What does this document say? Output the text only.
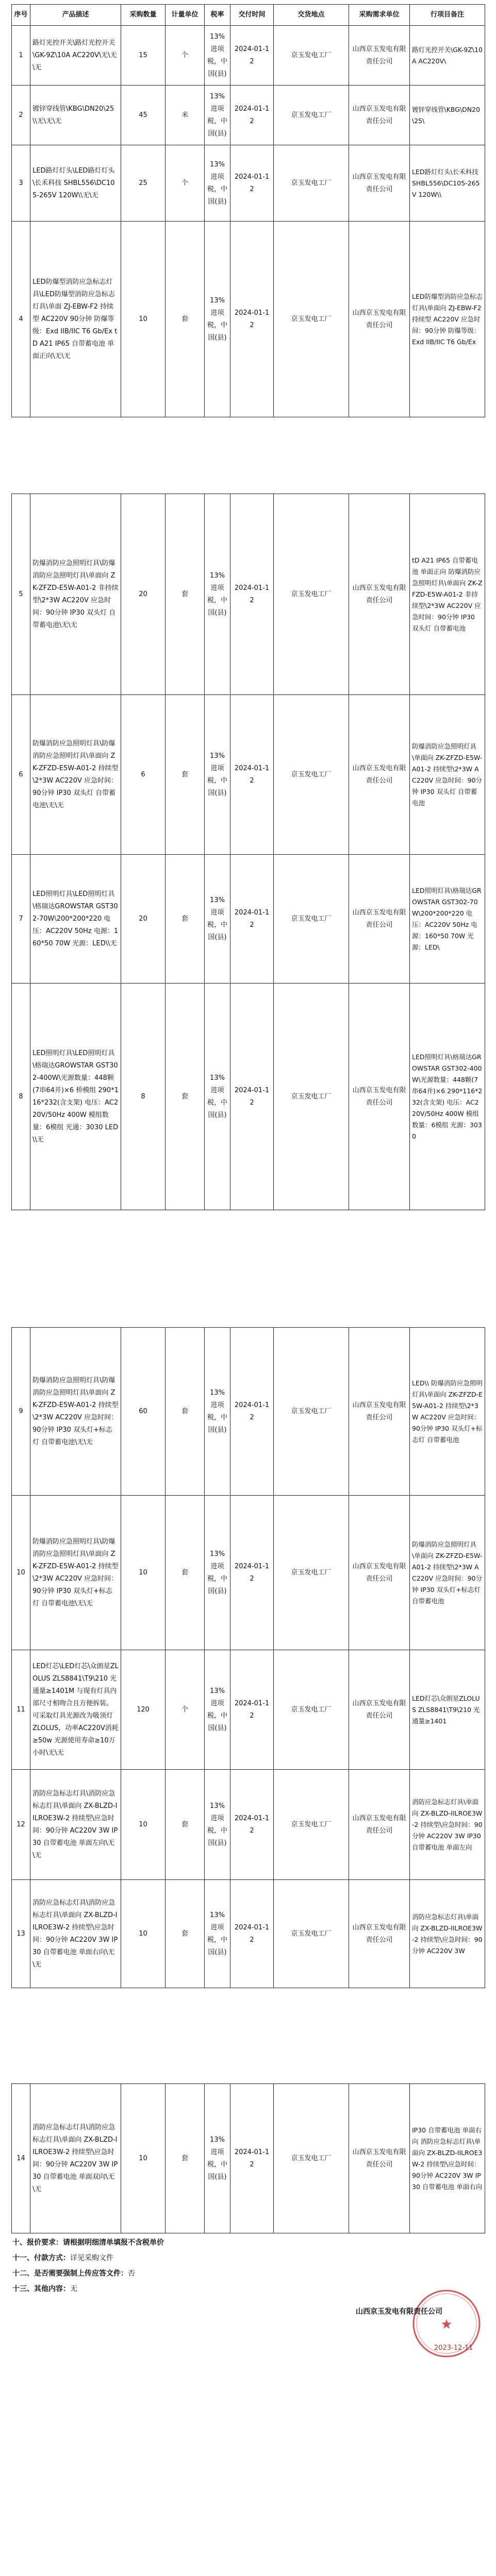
序号	产品描述	采购数量	计量单位	税率	交付时间	交货地点	采购需求单位	行项目备注
1	路灯光控开关\路灯光控开关\GK-9Z\10A AC220V\无\无\无	15	个	13%进项税，中国(县)	2024-01-12	京玉发电工厂	山西京玉发电有限责任公司	路灯光控开关\GK-9Z\10A AC220V\
2	镀锌穿线管\KBG\DN20\25\\无\无\无	45	米	13%进项税，中国(县)	2024-01-12	京玉发电工厂	山西京玉发电有限责任公司	镀锌穿线管\KBG\DN20\25\
3	LED路灯灯头\LED路灯灯头\长禾科技 SHBL556\DC105-265V 120W\\无\无	25	个	13%进项税，中国(县)	2024-01-12	京玉发电工厂	山西京玉发电有限责任公司	LED路灯灯头\长禾科技 SHBL556\DC105-265V 120W\\
4	LED防爆型消防应急标志灯具\LED防爆型消防应急标志灯具\单面 ZJ-EBW-F2 持续型 AC220V 90分钟 防爆等级：Exd IIB/IIC T6 Gb/Ex tD A21 IP65 自带蓄电池 单面正向\无\无	10	套	13%进项税，中国(县)	2024-01-12	京玉发电工厂	山西京玉发电有限责任公司	LED防爆型消防应急标志灯具\单面向 ZJ-EBW-F2 持续型 AC220V 应急时间：90分钟 防爆等级：Exd IIB/IIC T6 Gb/Ex
5	防爆消防应急照明灯具\防爆消防应急照明灯具\单面向 ZK-ZFZD-E5W-A01-2 非持续型\2*3W AC220V 应急时间：90分钟 IP30 双头灯 自带蓄电池\无\无	20	套	13%进项税，中国(县)	2024-01-12	京玉发电工厂	山西京玉发电有限责任公司	tD A21 IP65 自带蓄电池 单面正向 防爆消防应急照明灯具\单面向 ZK-ZFZD-E5W-A01-2 非持续型\2*3W AC220V 应急时间：90分钟 IP30 双头灯 自带蓄电池
6	防爆消防应急照明灯具\防爆消防应急照明灯具\单面向 ZK-ZFZD-E5W-A01-2 持续型\2*3W AC220V 应急时间：90分钟 IP30 双头灯 自带蓄电池\无\无	6	套	13%进项税，中国(县)	2024-01-12	京玉发电工厂	山西京玉发电有限责任公司	防爆消防应急照明灯具\单面向 ZK-ZFZD-E5W-A01-2 持续型\2*3W AC220V 应急时间：90分钟 IP30 双头灯 自带蓄电池
7	LED照明灯具\LED照明灯具\格瑞达GROWSTAR GST302-70W\200*200*220 电压：AC220V 50Hz 电源：160*50 70W 光源：LED\\无	20	套	13%进项税，中国(县)	2024-01-12	京玉发电工厂	山西京玉发电有限责任公司	LED照明灯具\格瑞达GROWSTAR GST302-70W\200*200*220 电压：AC220V 50Hz 电源：160*50 70W 光源：LED\
8	LED照明灯具\LED照明灯具\格瑞达GROWSTAR GST302-400W\光源数量：448颗(7串64并)×6 桥模组 290*116*232(含支架) 电压：AC220V/50Hz 400W 模组数量：6模组 光通：3030 LED\\无	8	套	13%进项税，中国(县)	2024-01-12	京玉发电工厂	山西京玉发电有限责任公司	LED照明灯具\格瑞达GROWSTAR GST302-400W\光源数量：448颗(7串64并)×6 290*116*232(含支架) 电压：AC220V/50Hz 400W 模组数量：6模组 光源：3030
9	防爆消防应急照明灯具\防爆消防应急照明灯具\单面向 ZK-ZFZD-E5W-A01-2 持续型\2*3W AC220V 应急时间：90分钟 IP30 双头灯+标志灯 自带蓄电池\无\无	60	套	13%进项税，中国(县)	2024-01-12	京玉发电工厂	山西京玉发电有限责任公司	LED\\ 防爆消防应急照明灯具\单面向 ZK-ZFZD-E5W-A01-2 持续型\2*3W AC220V 应急时间：90分钟 IP30 双头灯+标志灯 自带蓄电池
10	防爆消防应急照明灯具\防爆消防应急照明灯具\单面向 ZK-ZFZD-E5W-A01-2 持续型\2*3W AC220V 应急时间：90分钟 IP30 双头灯+标志灯 自带蓄电池\无\无	10	套	13%进项税，中国(县)	2024-01-12	京玉发电工厂	山西京玉发电有限责任公司	防爆消防应急照明灯具\单面向 ZK-ZFZD-E5W-A01-2 持续型\2*3W AC220V 应急时间：90分钟 IP30 双头灯+标志灯 自带蓄电池
11	LED灯芯\LED灯芯\众朗星ZLOLUS ZLS8841\T9\210 光通量≥1401M 与现有灯具内部尺寸相吻合且方便拆装。可采取灯具光源改为吸顶灯 ZLOLUS，功率AC220V消耗≥50w 光源使用寿命≥10万小时\无\无	120	个	13%进项税，中国(县)	2024-01-12	京玉发电工厂	山西京玉发电有限责任公司	LED灯芯\众朗星ZLOLUS ZLS8841\T9\210 光通量≥1401
12	消防应急标志灯具\消防应急标志灯具\单面向 ZX-BLZD-IILROE3W-2 持续型\应急时间：90分钟 AC220V 3W IP30 自带蓄电池 单面左向\无\无	10	套	13%进项税，中国(县)	2024-01-12	京玉发电工厂	山西京玉发电有限责任公司	消防应急标志灯具\单面向 ZX-BLZD-IILROE3W-2 持续型\应急时间：90分钟 AC220V 3W IP30 自带蓄电池 单面左向
13	消防应急标志灯具\消防应急标志灯具\单面向 ZX-BLZD-IILROE3W-2 持续型\应急时间：90分钟 AC220V 3W IP30 自带蓄电池 单面右向\无\无	10	套	13%进项税，中国(县)	2024-01-12	京玉发电工厂	山西京玉发电有限责任公司	消防应急标志灯具\单面向 ZX-BLZD-IILROE3W-2 持续型\应急时间：90分钟 AC220V 3W
14	消防应急标志灯具\消防应急标志灯具\单面向 ZX-BLZD-IILROE3W-2 持续型\应急时间：90分钟 AC220V 3W IP30 自带蓄电池 单面双向\无\无	10	套	13%进项税，中国(县)	2024-01-12	京玉发电工厂	山西京玉发电有限责任公司	IP30 自带蓄电池 单面右向 消防应急标志灯具\单面向 ZX-BLZD-IILROE3W-2 持续型\应急时间：90分钟 AC220V 3W IP30 自带蓄电池 单面右向
十、报价要求：请根据明细清单填报不含税单价
十一、付款方式：详见采购文件
十二、是否需要强制上传应答文件：否
十三、其他内容：无
★
山西京玉发电有限责任公司
2023-12-11
